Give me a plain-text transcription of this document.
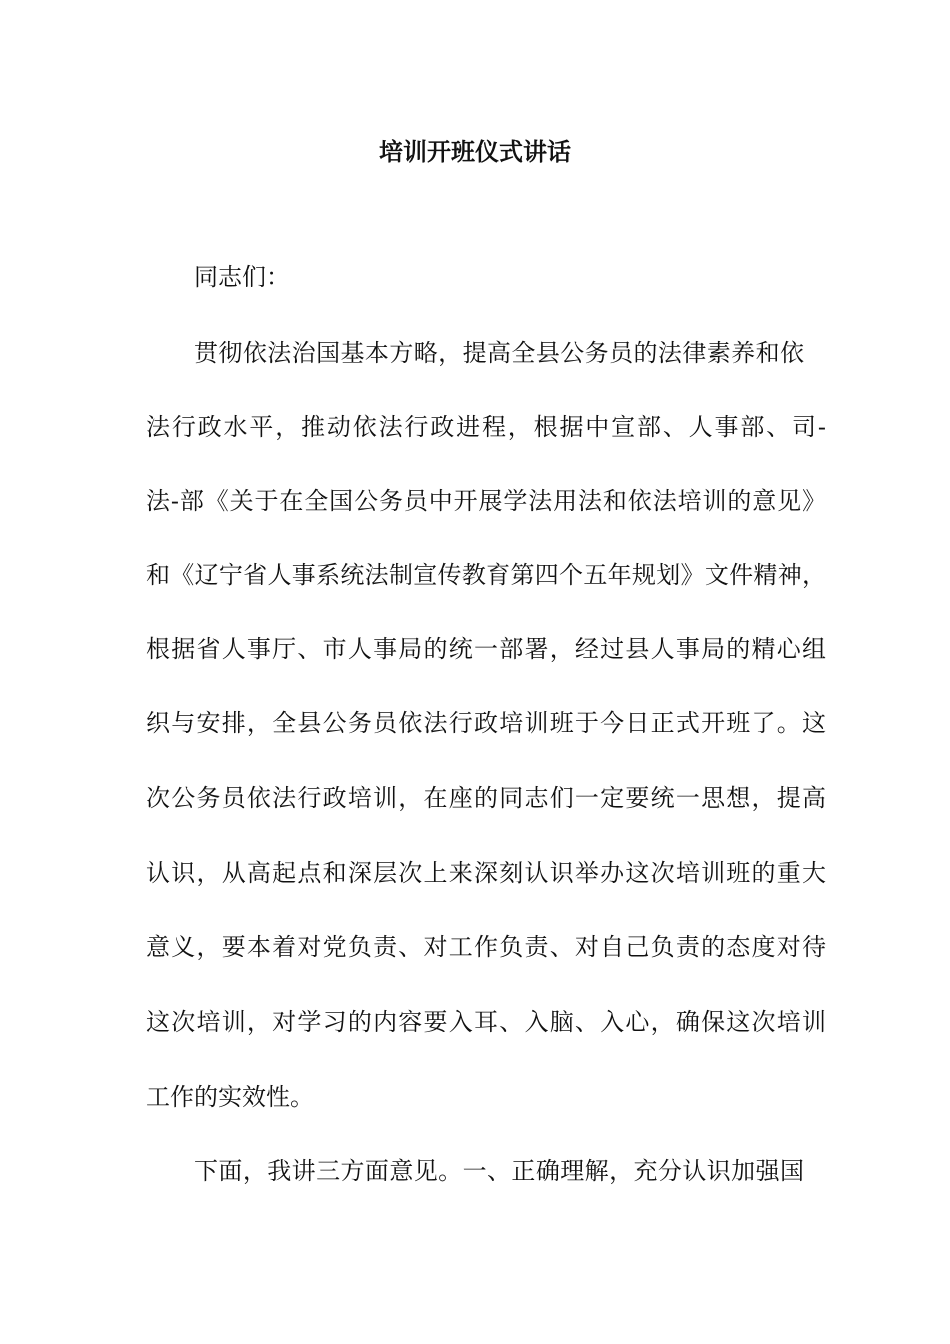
培训开班仪式讲话
同志们：
贯彻依法治国基本方略，提高全县公务员的法律素养和依
法行政水平，推动依法行政进程，根据中宣部、人事部、司-
法-部《关于在全国公务员中开展学法用法和依法培训的意见》
和《辽宁省人事系统法制宣传教育第四个五年规划》文件精神，
根据省人事厅、市人事局的统一部署，经过县人事局的精心组
织与安排，全县公务员依法行政培训班于今日正式开班了。这
次公务员依法行政培训，在座的同志们一定要统一思想，提高
认识，从高起点和深层次上来深刻认识举办这次培训班的重大
意义，要本着对党负责、对工作负责、对自己负责的态度对待
这次培训，对学习的内容要入耳、入脑、入心，确保这次培训
工作的实效性。
下面，我讲三方面意见。一、正确理解，充分认识加强国
